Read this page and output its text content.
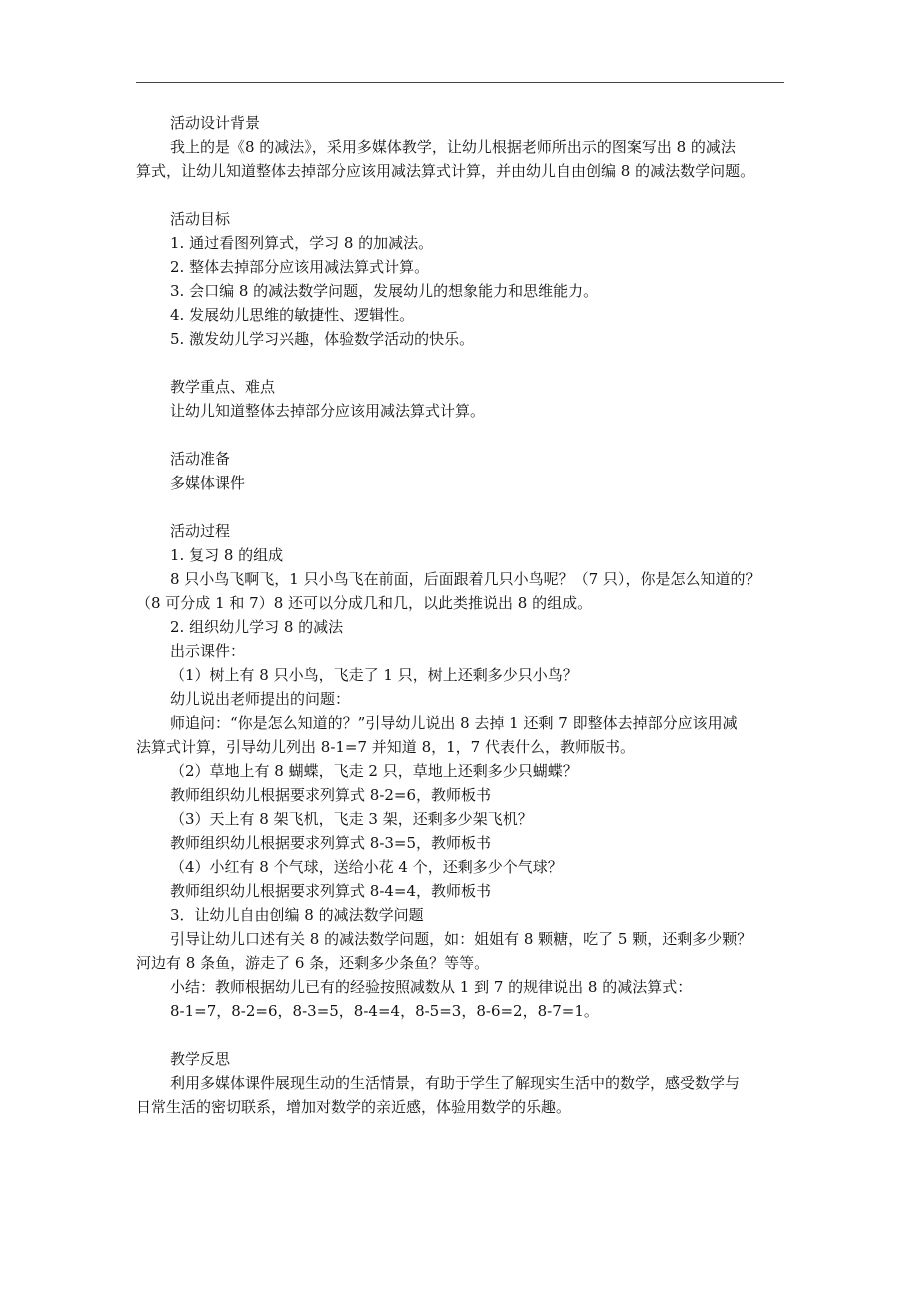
活动设计背景
我上的是《8 的减法》，采用多媒体教学，让幼儿根据老师所出示的图案写出 8 的减法
算式，让幼儿知道整体去掉部分应该用减法算式计算，并由幼儿自由创编 8 的减法数学问题。
活动目标
1. 通过看图列算式，学习 8 的加减法。
2. 整体去掉部分应该用减法算式计算。
3. 会口编 8 的减法数学问题，发展幼儿的想象能力和思维能力。
4. 发展幼儿思维的敏捷性、逻辑性。
5. 激发幼儿学习兴趣，体验数学活动的快乐。
教学重点、难点
让幼儿知道整体去掉部分应该用减法算式计算。
活动准备
多媒体课件
活动过程
1. 复习 8 的组成
8 只小鸟飞啊飞，1 只小鸟飞在前面，后面跟着几只小鸟呢？（7 只），你是怎么知道的？
（8 可分成 1 和 7）8 还可以分成几和几，以此类推说出 8 的组成。
2. 组织幼儿学习 8 的减法
出示课件：
（1）树上有 8 只小鸟，飞走了 1 只，树上还剩多少只小鸟？
幼儿说出老师提出的问题：
师追问：“你是怎么知道的？”引导幼儿说出 8 去掉 1 还剩 7 即整体去掉部分应该用减
法算式计算，引导幼儿列出 8-1=7 并知道 8，1，7 代表什么，教师版书。
（2）草地上有 8 蝴蝶，飞走 2 只，草地上还剩多少只蝴蝶？
教师组织幼儿根据要求列算式 8-2=6，教师板书
（3）天上有 8 架飞机，飞走 3 架，还剩多少架飞机？
教师组织幼儿根据要求列算式 8-3=5，教师板书
（4）小红有 8 个气球，送给小花 4 个，还剩多少个气球？
教师组织幼儿根据要求列算式 8-4=4，教师板书
3．让幼儿自由创编 8 的减法数学问题
引导让幼儿口述有关 8 的减法数学问题，如：姐姐有 8 颗糖，吃了 5 颗，还剩多少颗？
河边有 8 条鱼，游走了 6 条，还剩多少条鱼？等等。
小结：教师根据幼儿已有的经验按照减数从 1 到 7 的规律说出 8 的减法算式：
8-1=7，8-2=6，8-3=5，8-4=4，8-5=3，8-6=2，8-7=1。
教学反思
利用多媒体课件展现生动的生活情景，有助于学生了解现实生活中的数学，感受数学与
日常生活的密切联系，增加对数学的亲近感，体验用数学的乐趣。
